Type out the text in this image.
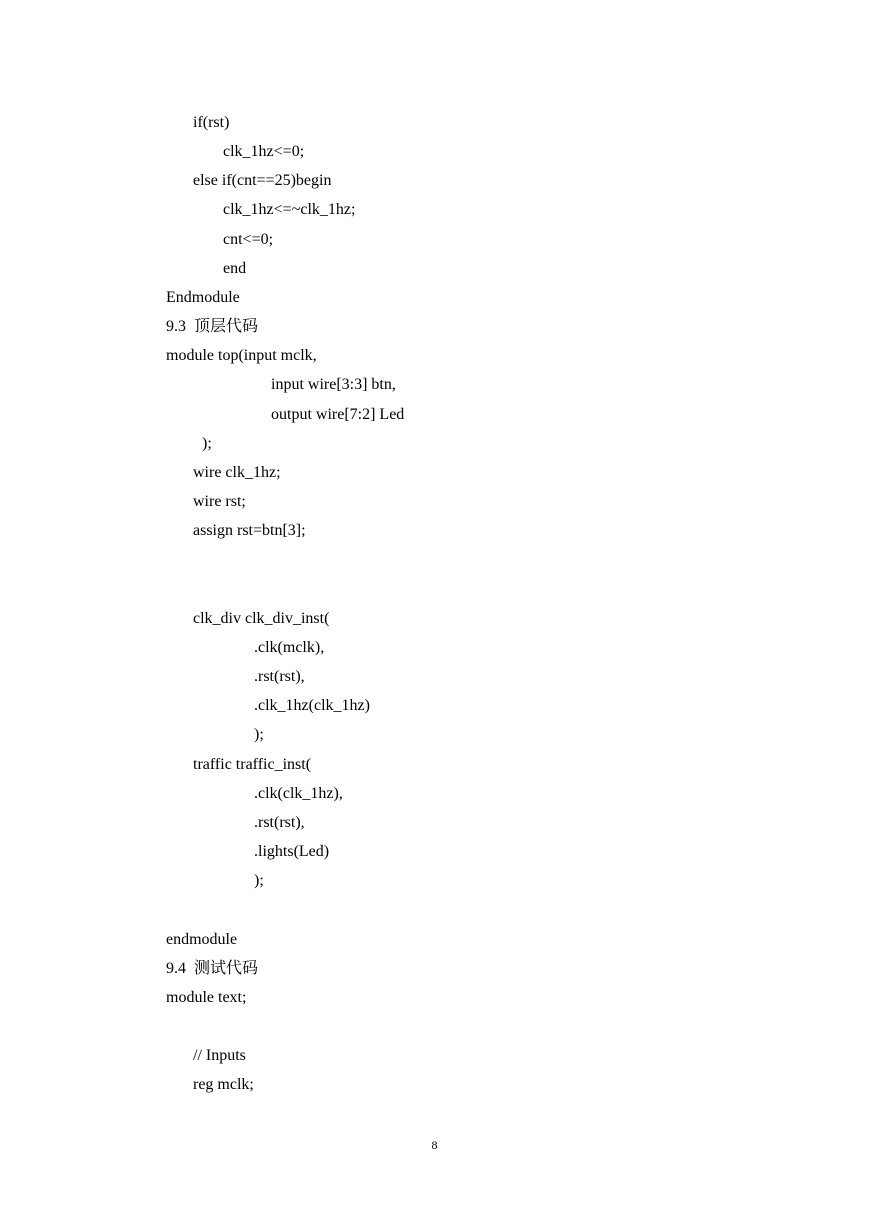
if(rst)
clk_1hz<=0;
else if(cnt==25)begin
clk_1hz<=~clk_1hz;
cnt<=0;
end
Endmodule
9.3  顶层代码
module top(input mclk,
input wire[3:3] btn,
output wire[7:2] Led
);
wire clk_1hz;
wire rst;
assign rst=btn[3];
clk_div clk_div_inst(
.clk(mclk),
.rst(rst),
.clk_1hz(clk_1hz)
);
traffic traffic_inst(
.clk(clk_1hz),
.rst(rst),
.lights(Led)
);
endmodule
9.4  测试代码
module text;
// Inputs
reg mclk;
8
